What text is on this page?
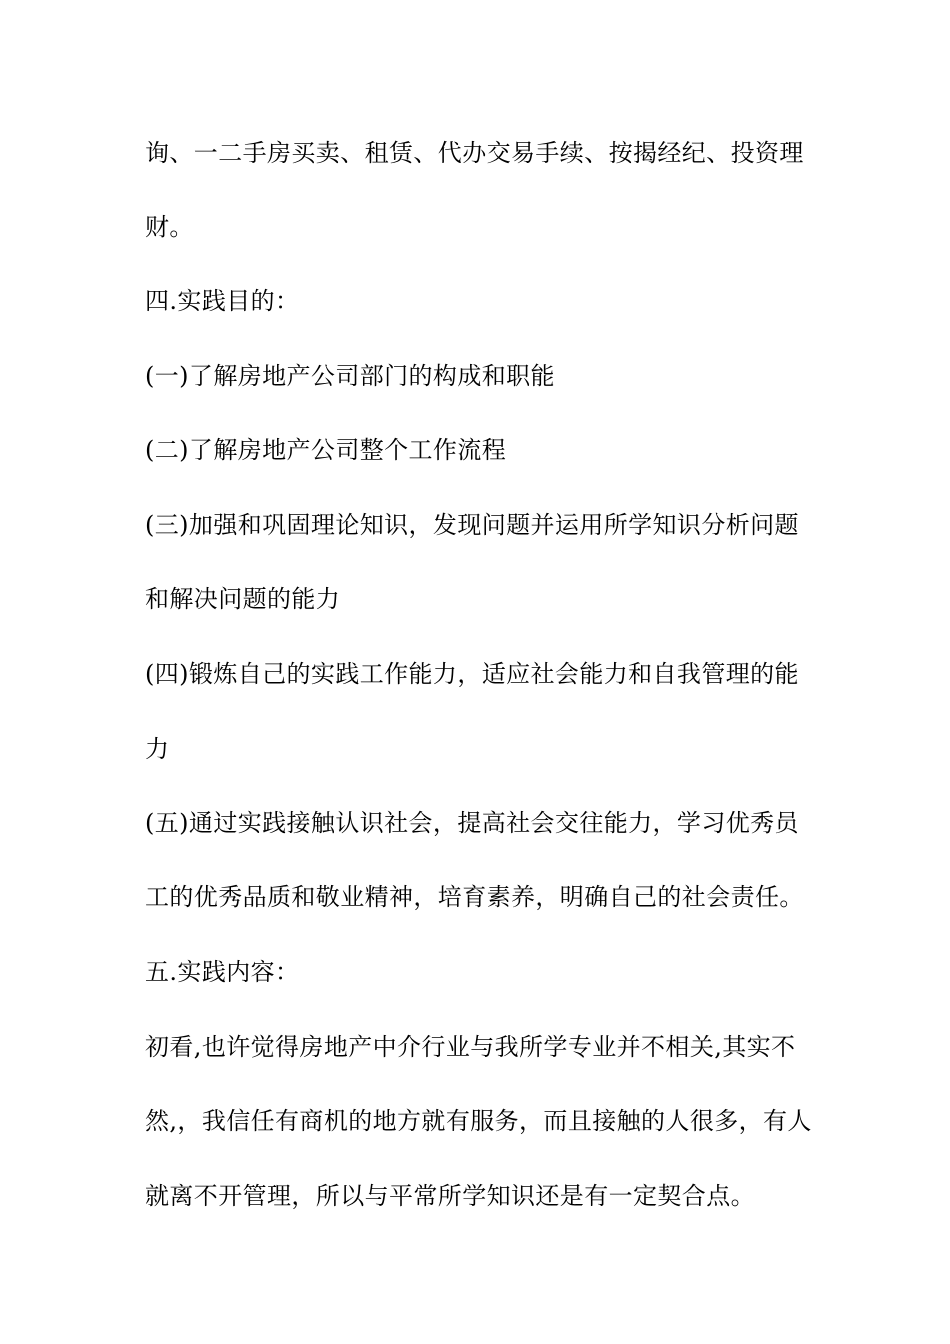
询、一二手房买卖、租赁、代办交易手续、按揭经纪、投资理
财。
四.实践目的：
(一)了解房地产公司部门的构成和职能
(二)了解房地产公司整个工作流程
(三)加强和巩固理论知识，发现问题并运用所学知识分析问题
和解决问题的能力
(四)锻炼自己的实践工作能力，适应社会能力和自我管理的能
力
(五)通过实践接触认识社会，提高社会交往能力，学习优秀员
工的优秀品质和敬业精神，培育素养，明确自己的社会责任。
五.实践内容：
初看,也许觉得房地产中介行业与我所学专业并不相关,其实不
然,，我信任有商机的地方就有服务，而且接触的人很多，有人
就离不开管理，所以与平常所学知识还是有一定契合点。
